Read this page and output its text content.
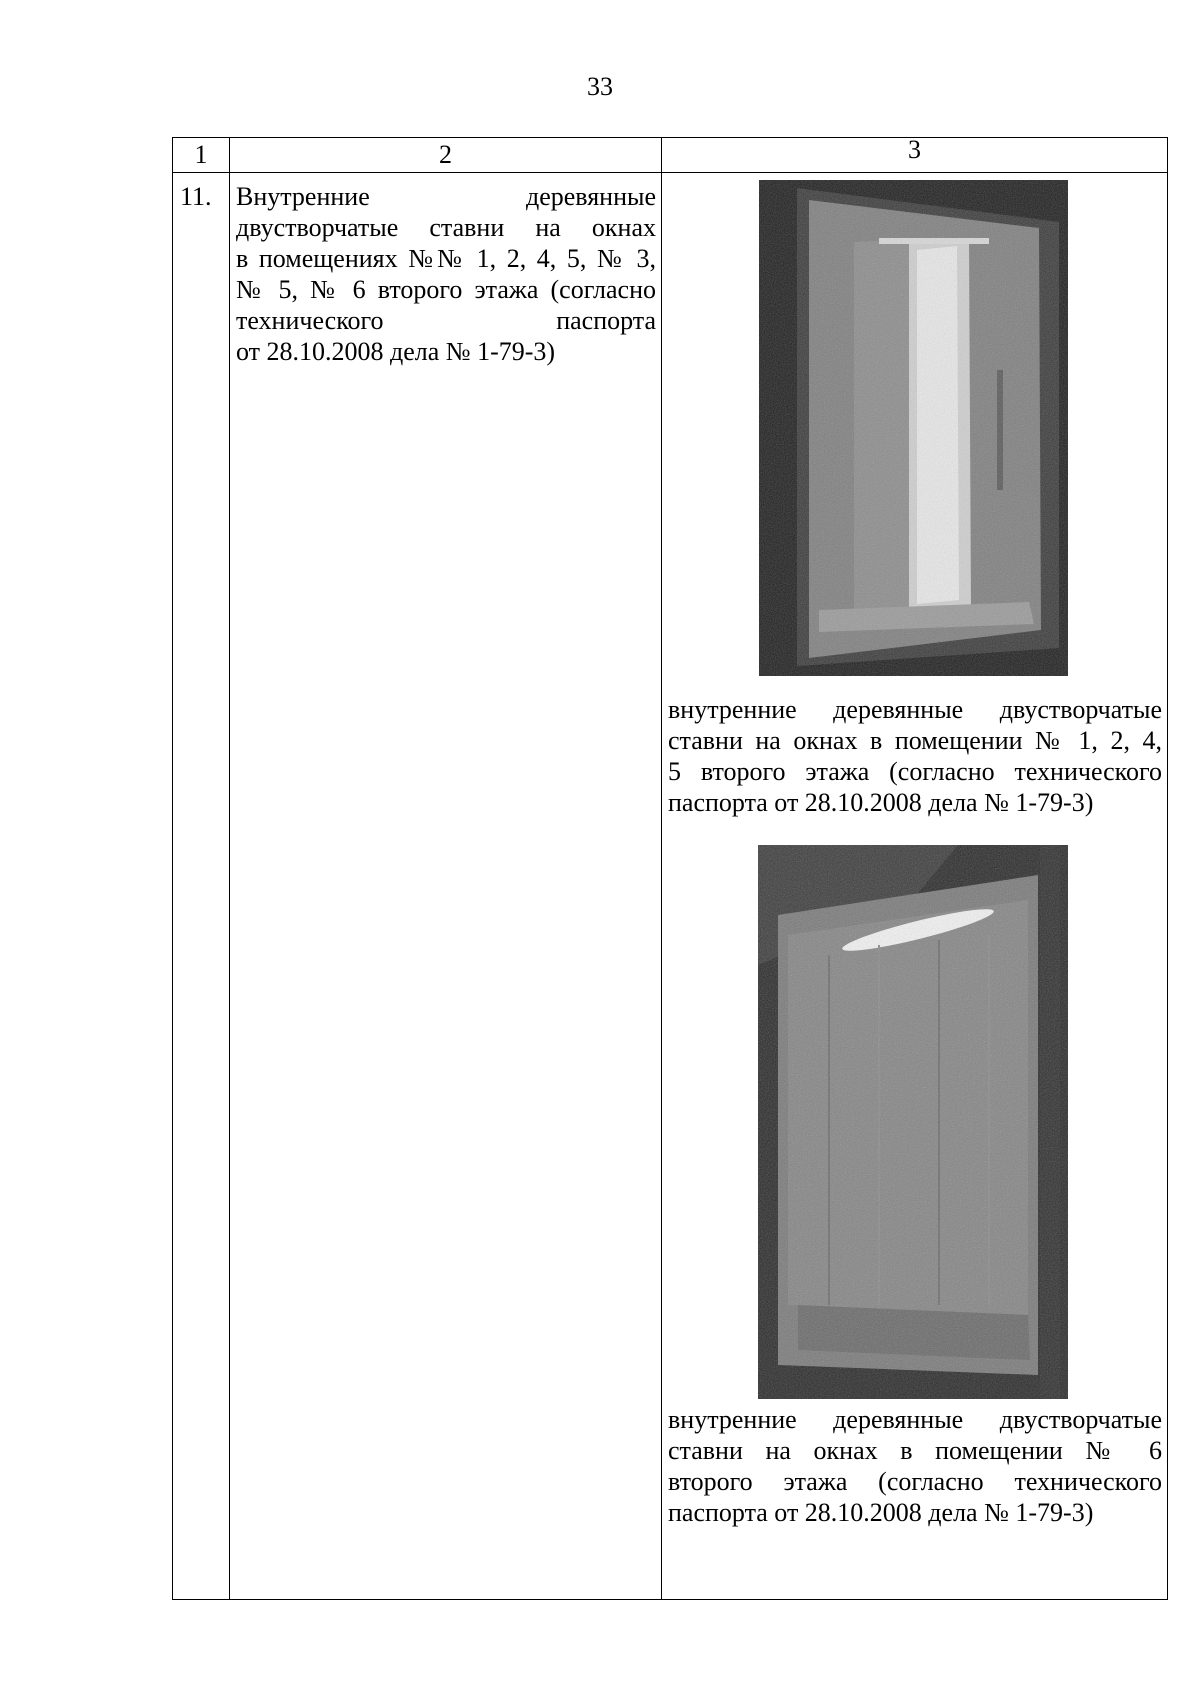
33
1	2	3
11. Внутренние деревянные
двустворчатые ставни на окнах
в помещениях №№ 1, 2, 4, 5, № 3,
№ 5, № 6 второго этажа (согласно
технического паспорта
от 28.10.2008 дела № 1-79-3)
внутренние деревянные двустворчатые
ставни на окнах в помещении № 1, 2, 4,
5 второго этажа (согласно технического
паспорта от 28.10.2008 дела № 1-79-3)
внутренние деревянные двустворчатые
ставни на окнах в помещении № 6
второго этажа (согласно технического
паспорта от 28.10.2008 дела № 1-79-3)
